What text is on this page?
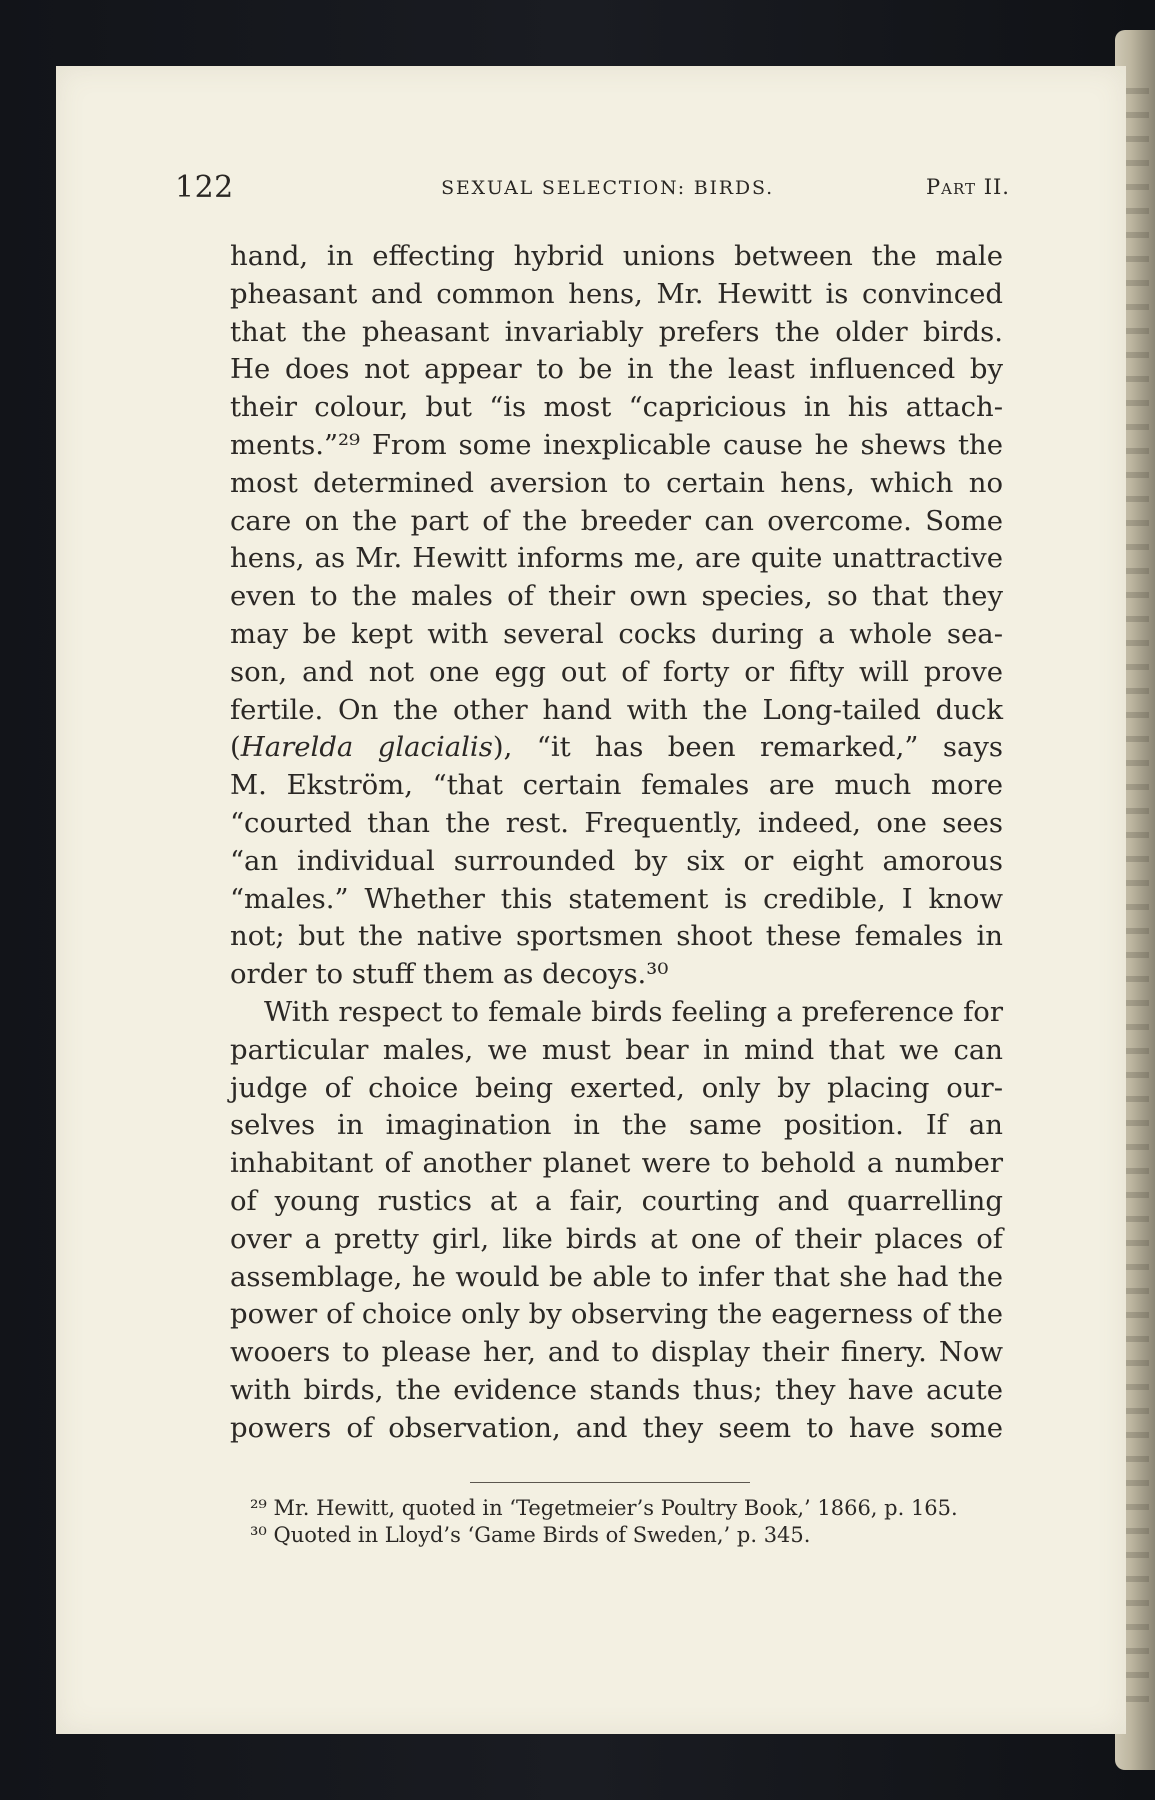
122	SEXUAL SELECTION: BIRDS.	Part II.
hand, in effecting hybrid unions between the male
pheasant and common hens, Mr. Hewitt is convinced
that the pheasant invariably prefers the older birds.
He does not appear to be in the least influenced by
their colour, but “is most “capricious in his attach-
ments.”²⁹ From some inexplicable cause he shews the
most determined aversion to certain hens, which no
care on the part of the breeder can overcome. Some
hens, as Mr. Hewitt informs me, are quite unattractive
even to the males of their own species, so that they
may be kept with several cocks during a whole sea-
son, and not one egg out of forty or fifty will prove
fertile. On the other hand with the Long-tailed duck
(Harelda glacialis), “it has been remarked,” says
M. Ekström, “that certain females are much more
“courted than the rest. Frequently, indeed, one sees
“an individual surrounded by six or eight amorous
“males.” Whether this statement is credible, I know
not; but the native sportsmen shoot these females in
order to stuff them as decoys.³⁰
With respect to female birds feeling a preference for
particular males, we must bear in mind that we can
judge of choice being exerted, only by placing our-
selves in imagination in the same position. If an
inhabitant of another planet were to behold a number
of young rustics at a fair, courting and quarrelling
over a pretty girl, like birds at one of their places of
assemblage, he would be able to infer that she had the
power of choice only by observing the eagerness of the
wooers to please her, and to display their finery. Now
with birds, the evidence stands thus; they have acute
powers of observation, and they seem to have some
²⁹ Mr. Hewitt, quoted in ‘Tegetmeier’s Poultry Book,’ 1866, p. 165.
³⁰ Quoted in Lloyd’s ‘Game Birds of Sweden,’ p. 345.
